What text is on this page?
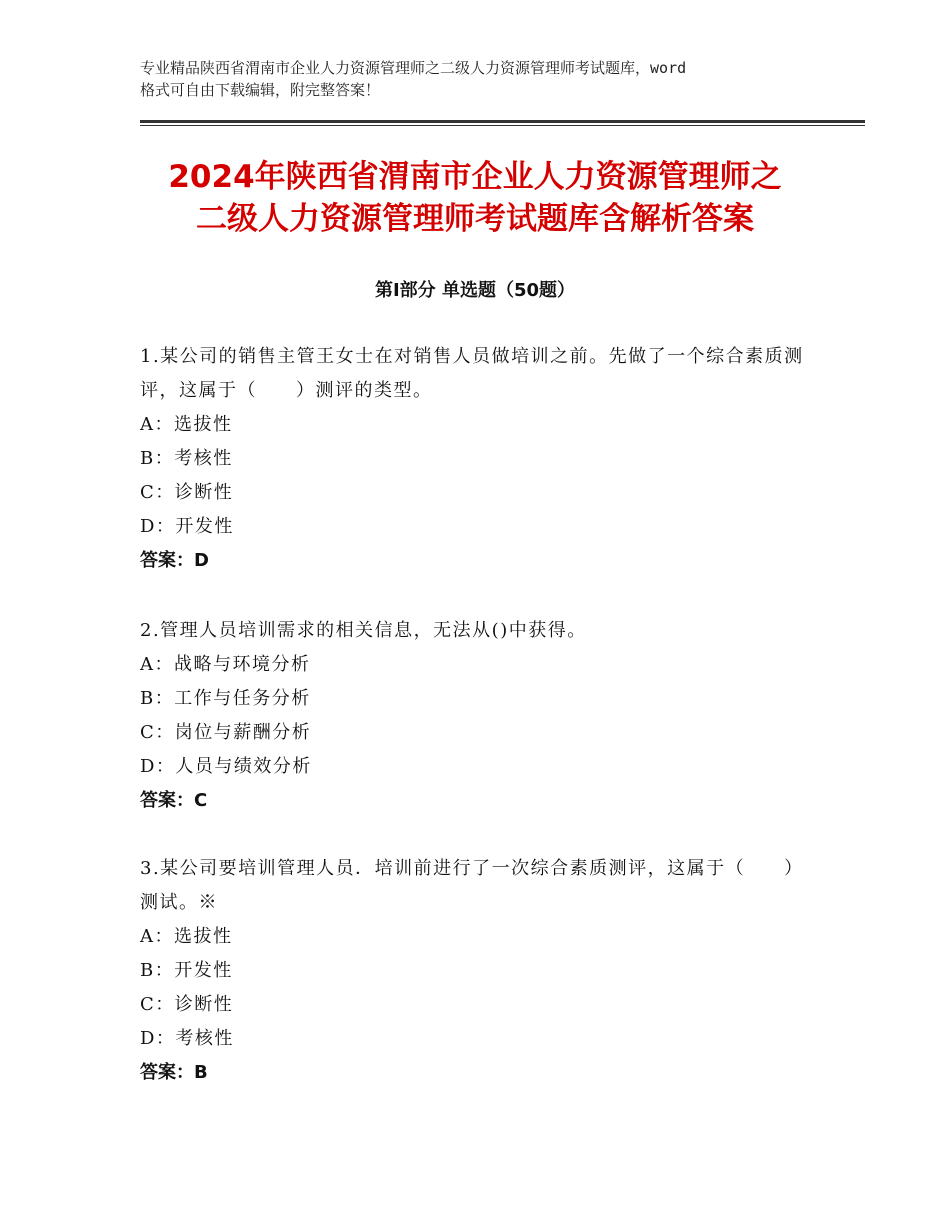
专业精品陕西省渭南市企业人力资源管理师之二级人力资源管理师考试题库，word
格式可自由下载编辑，附完整答案！
2024年陕西省渭南市企业人力资源管理师之
二级人力资源管理师考试题库含解析答案
第Ⅰ部分 单选题（50题）

1.某公司的销售主管王女士在对销售人员做培训之前。先做了一个综合素质测评，这属于（　　）测评的类型。

A：选拔性
B：考核性
C：诊断性
D：开发性
答案：D

2.管理人员培训需求的相关信息，无法从()中获得。

A：战略与环境分析
B：工作与任务分析
C：岗位与薪酬分析
D：人员与绩效分析
答案：C

3.某公司要培训管理人员．培训前进行了一次综合素质测评，这属于（　　）测试。※

A：选拔性
B：开发性
C：诊断性
D：考核性
答案：B
